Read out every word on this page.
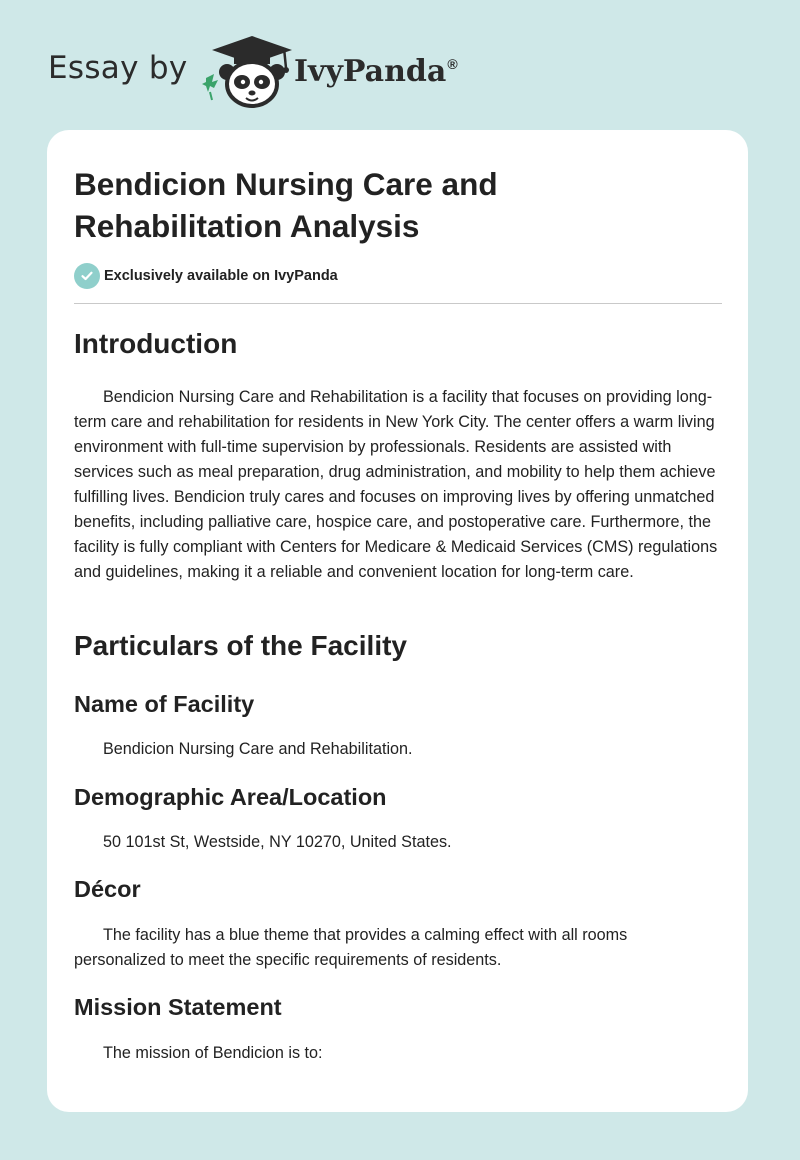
Essay by	IvyPanda®
Bendicion Nursing Care and Rehabilitation Analysis
Exclusively available on IvyPanda
Introduction

Bendicion Nursing Care and Rehabilitation is a facility that focuses on providing long-term care and rehabilitation for residents in New York City. The center offers a warm living environment with full-time supervision by professionals. Residents are assisted with services such as meal preparation, drug administration, and mobility to help them achieve fulfilling lives. Bendicion truly cares and focuses on improving lives by offering unmatched benefits, including palliative care, hospice care, and postoperative care. Furthermore, the facility is fully compliant with Centers for Medicare & Medicaid Services (CMS) regulations and guidelines, making it a reliable and convenient location for long-term care.

Particulars of the Facility
Name of Facility

Bendicion Nursing Care and Rehabilitation.

Demographic Area/Location

50 101st St, Westside, NY 10270, United States.

Décor

The facility has a blue theme that provides a calming effect with all rooms personalized to meet the specific requirements of residents.

Mission Statement

The mission of Bendicion is to:
